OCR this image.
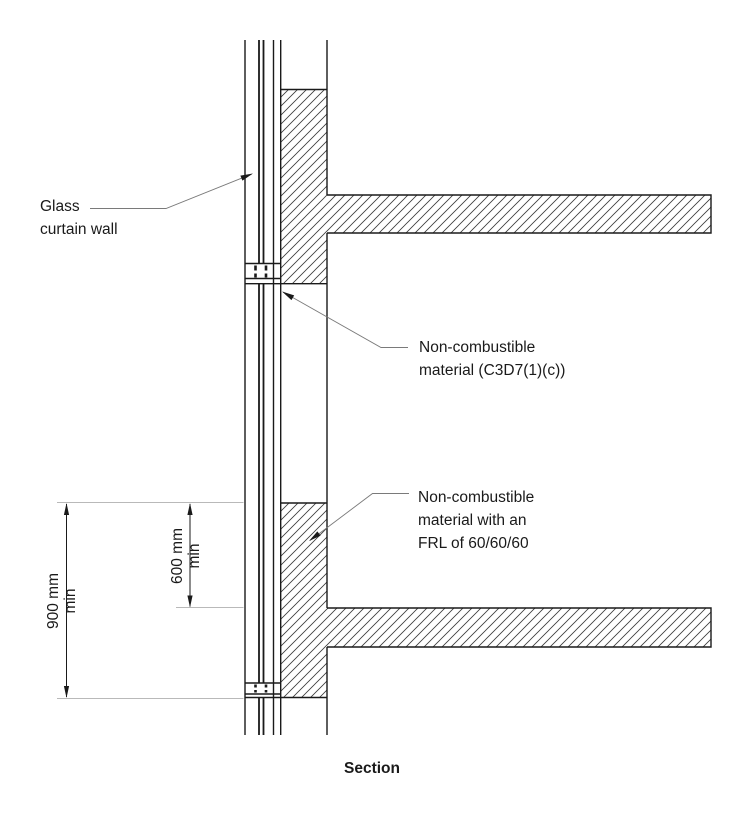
Glass
curtain wall
Non-combustible
material (C3D7(1)(c))
Non-combustible
material with an
FRL of 60/60/60
900 mm min
600 mm min
Section
